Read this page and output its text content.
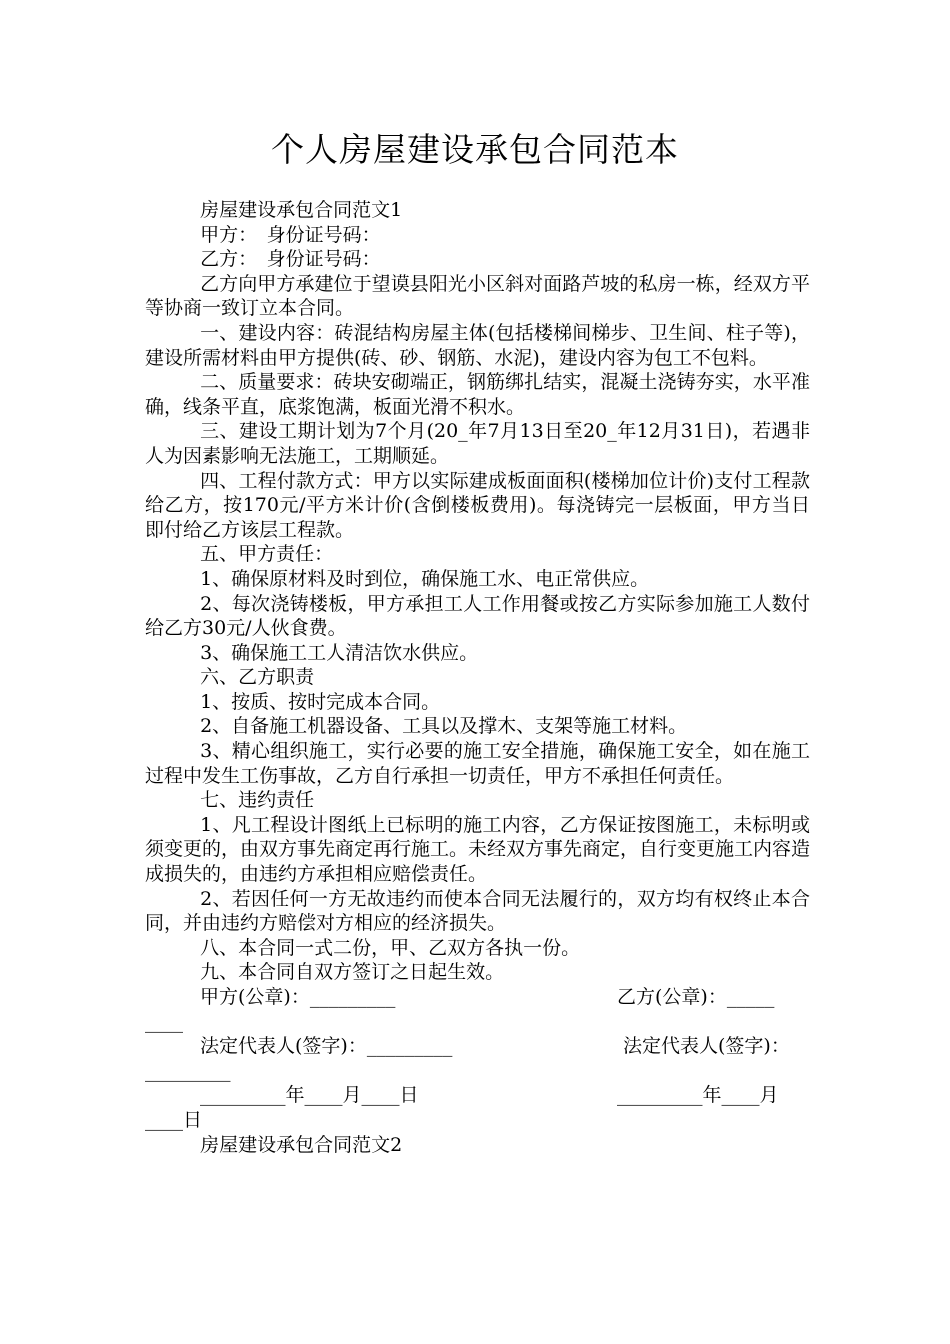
个人房屋建设承包合同范本
房屋建设承包合同范文1
甲方：　身份证号码：
乙方：　身份证号码：
乙方向甲方承建位于望谟县阳光小区斜对面路芦坡的私房一栋，经双方平等协商一致订立本合同。
一、建设内容：砖混结构房屋主体(包括楼梯间梯步、卫生间、柱子等)，建设所需材料由甲方提供(砖、砂、钢筋、水泥)，建设内容为包工不包料。
二、质量要求：砖块安砌端正，钢筋绑扎结实，混凝土浇铸夯实，水平准确，线条平直，底浆饱满，板面光滑不积水。
三、建设工期计划为7个月(20_年7月13日至20_年12月31日)，若遇非人为因素影响无法施工，工期顺延。
四、工程付款方式：甲方以实际建成板面面积(楼梯加位计价)支付工程款给乙方，按170元/平方米计价(含倒楼板费用)。每浇铸完一层板面，甲方当日即付给乙方该层工程款。
五、甲方责任：
1、确保原材料及时到位，确保施工水、电正常供应。
2、每次浇铸楼板，甲方承担工人工作用餐或按乙方实际参加施工人数付给乙方30元/人伙食费。
3、确保施工工人清洁饮水供应。
六、乙方职责
1、按质、按时完成本合同。
2、自备施工机器设备、工具以及撑木、支架等施工材料。
3、精心组织施工，实行必要的施工安全措施，确保施工安全，如在施工过程中发生工伤事故，乙方自行承担一切责任，甲方不承担任何责任。
七、违约责任
1、凡工程设计图纸上已标明的施工内容，乙方保证按图施工，未标明或须变更的，由双方事先商定再行施工。未经双方事先商定，自行变更施工内容造成损失的，由违约方承担相应赔偿责任。
2、若因任何一方无故违约而使本合同无法履行的，双方均有权终止本合同，并由违约方赔偿对方相应的经济损失。
八、本合同一式二份，甲、乙双方各执一份。
九、本合同自双方签订之日起生效。

甲方(公章)：_________

	乙方(公章)：_____

____

法定代表人(签字)：_________

	法定代表人(签字)：

_________

_________年____月____日

	_________年____月

____日

房屋建设承包合同范文2
